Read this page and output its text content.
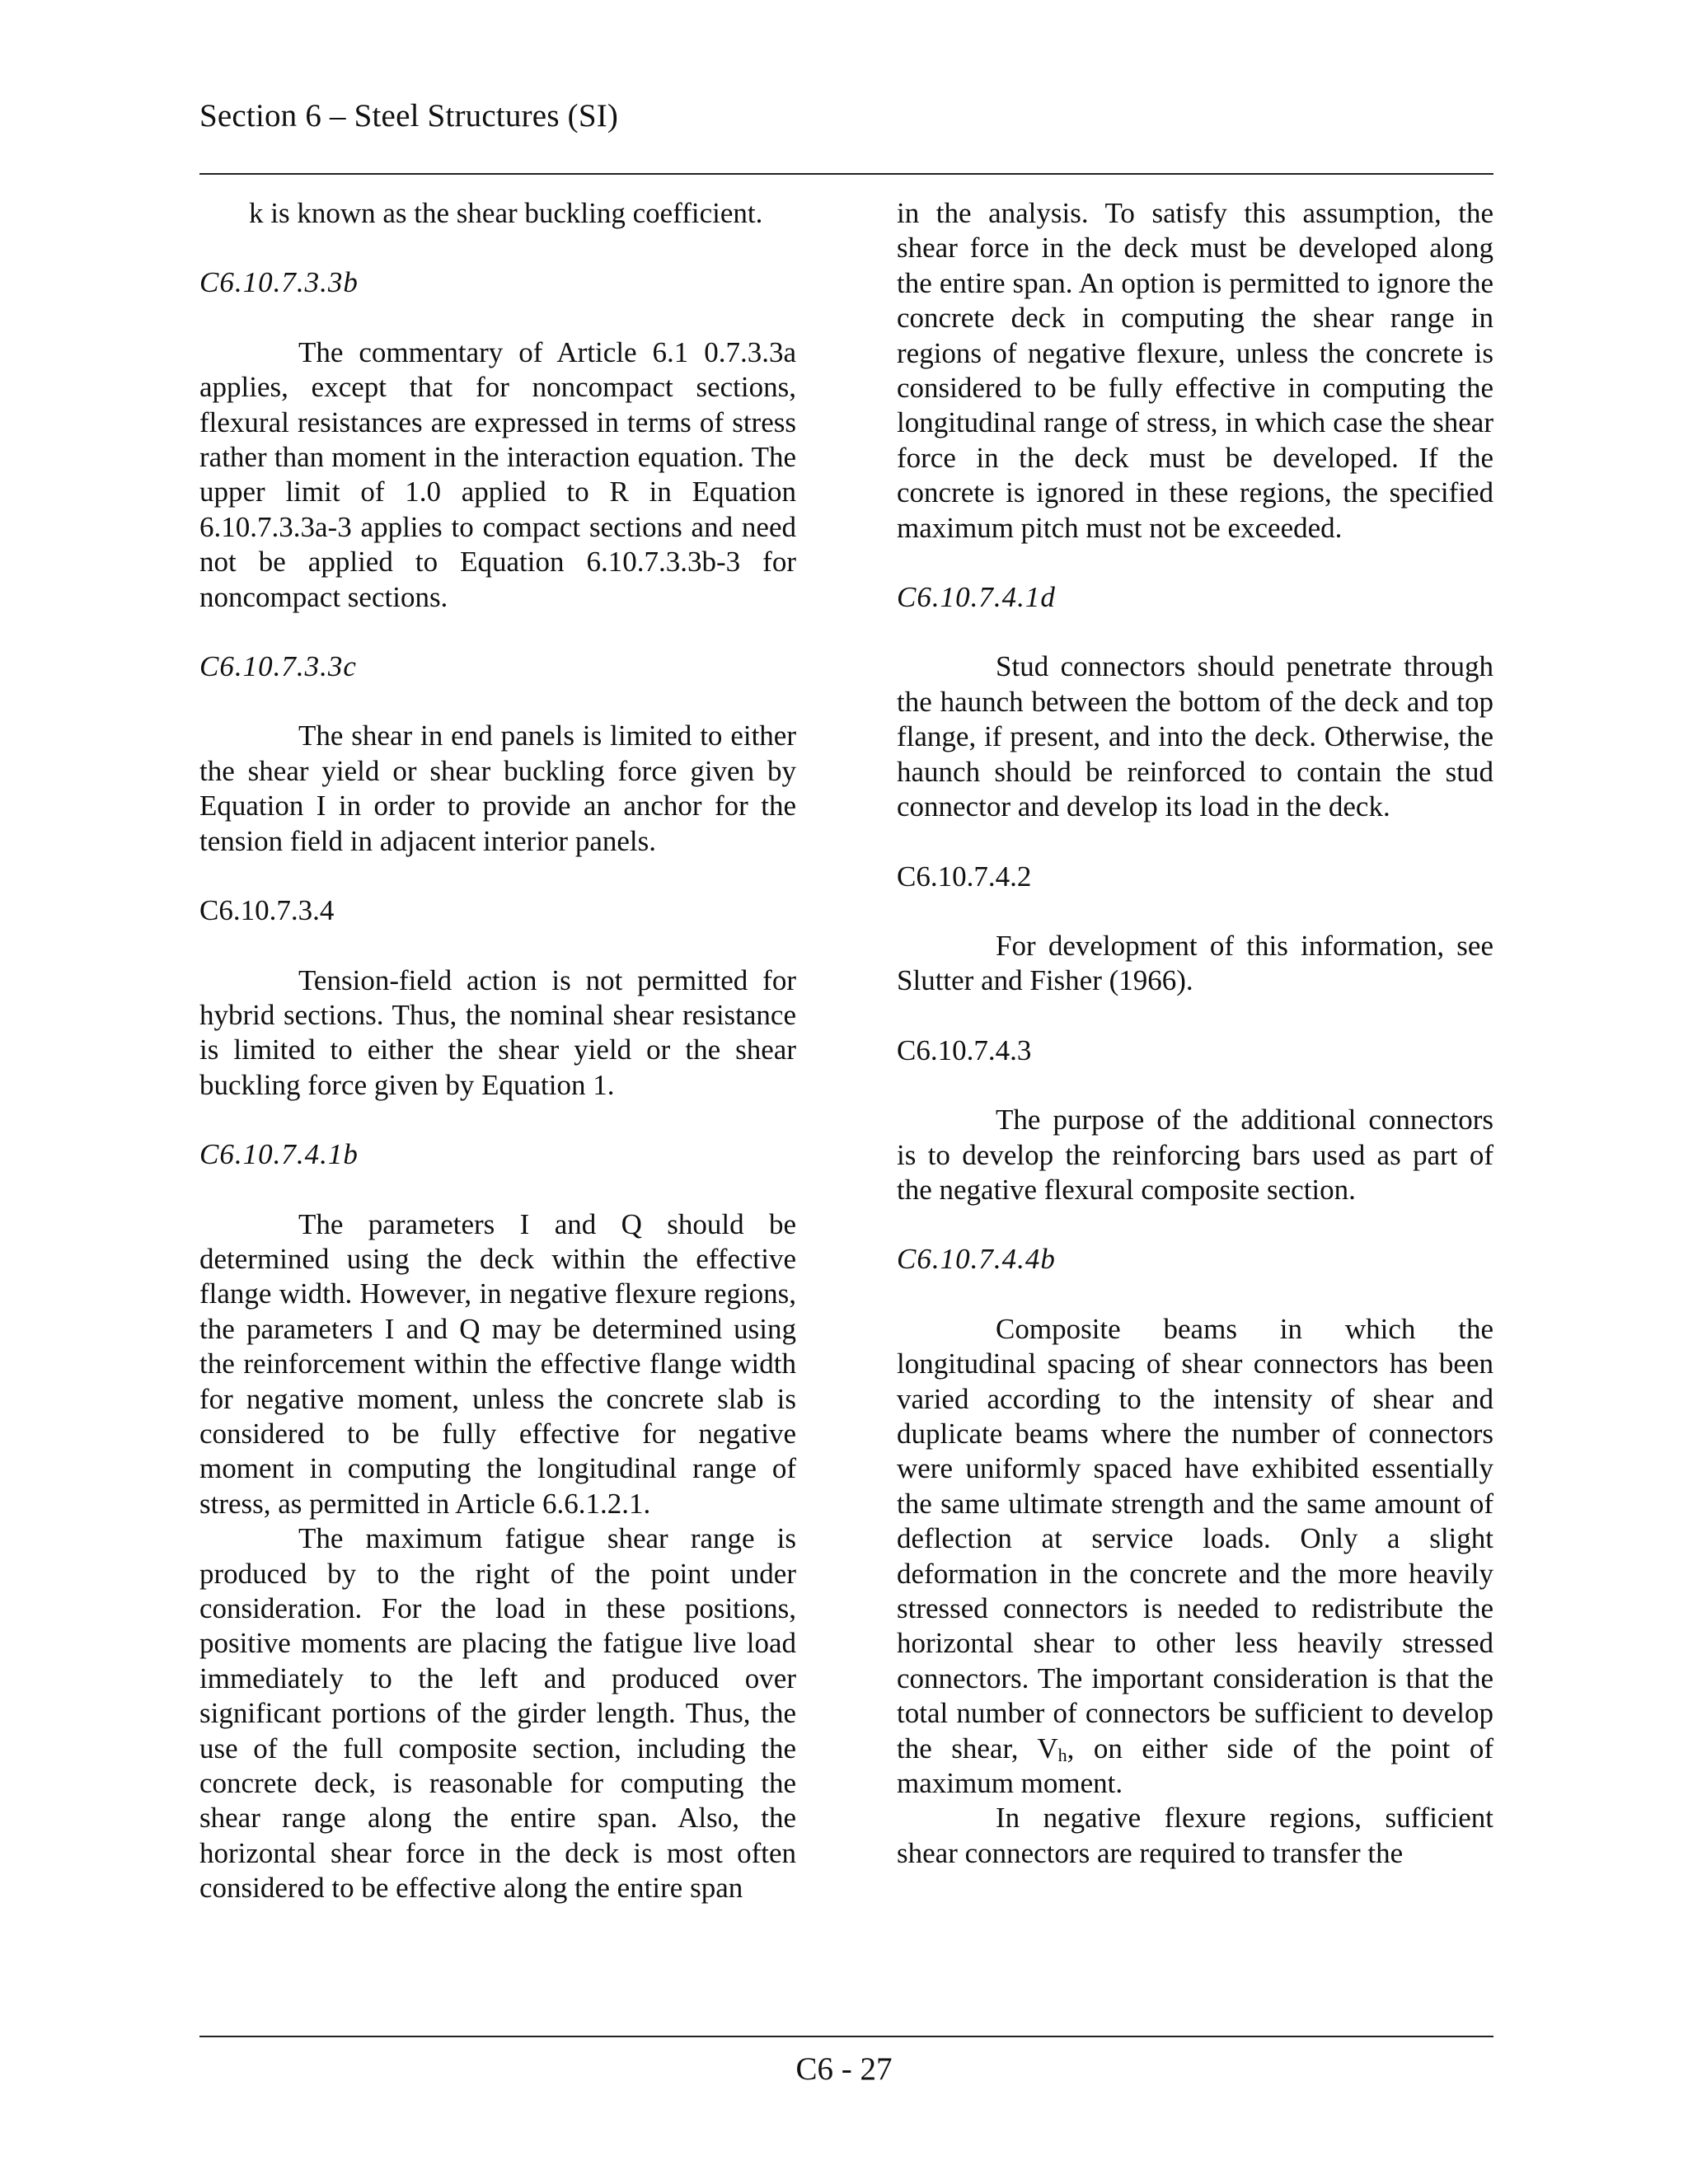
Section 6 – Steel Structures (SI)

k is known as the shear buckling coefficient.

C6.10.7.3.3b

The commentary of Article 6.1 0.7.3.3a applies, except that for noncompact sections, flexural resistances are expressed in terms of stress rather than moment in the interaction equation. The upper limit of 1.0 applied to R in Equation 6.10.7.3.3a-3 applies to compact sections and need not be applied to Equation 6.10.7.3.3b-3 for noncompact sections.

C6.10.7.3.3c

The shear in end panels is limited to either the shear yield or shear buckling force given by Equation I in order to provide an anchor for the tension field in adjacent interior panels.

C6.10.7.3.4

Tension-field action is not permitted for hybrid sections. Thus, the nominal shear resistance is limited to either the shear yield or the shear buckling force given by Equation 1.

C6.10.7.4.1b

The parameters I and Q should be determined using the deck within the effective flange width. However, in negative flexure regions, the parameters I and Q may be determined using the reinforcement within the effective flange width for negative moment, unless the concrete slab is considered to be fully effective for negative moment in computing the longitudinal range of stress, as permitted in Article 6.6.1.2.1.

The maximum fatigue shear range is produced by to the right of the point under consideration. For the load in these positions, positive moments are placing the fatigue live load immediately to the left and produced over significant portions of the girder length. Thus, the use of the full composite section, including the concrete deck, is reasonable for computing the shear range along the entire span. Also, the horizontal shear force in the deck is most often considered to be effective along the entire span

in the analysis. To satisfy this assumption, the shear force in the deck must be developed along the entire span. An option is permitted to ignore the concrete deck in computing the shear range in regions of negative flexure, unless the concrete is considered to be fully effective in computing the longitudinal range of stress, in which case the shear force in the deck must be developed. If the concrete is ignored in these regions, the specified maximum pitch must not be exceeded.

C6.10.7.4.1d

Stud connectors should penetrate through the haunch between the bottom of the deck and top flange, if present, and into the deck. Otherwise, the haunch should be reinforced to contain the stud connector and develop its load in the deck.

C6.10.7.4.2

For development of this information, see Slutter and Fisher (1966).

C6.10.7.4.3

The purpose of the additional connectors is to develop the reinforcing bars used as part of the negative flexural composite section.

C6.10.7.4.4b

Composite beams in which the longitudinal spacing of shear connectors has been varied according to the intensity of shear and duplicate beams where the number of connectors were uniformly spaced have exhibited essentially the same ultimate strength and the same amount of deflection at service loads. Only a slight deformation in the concrete and the more heavily stressed connectors is needed to redistribute the horizontal shear to other less heavily stressed connectors. The important consideration is that the total number of connectors be sufficient to develop the shear, $V_h$, on either side of the point of maximum moment.

In negative flexure regions, sufficient shear connectors are required to transfer the

C6 - 27
